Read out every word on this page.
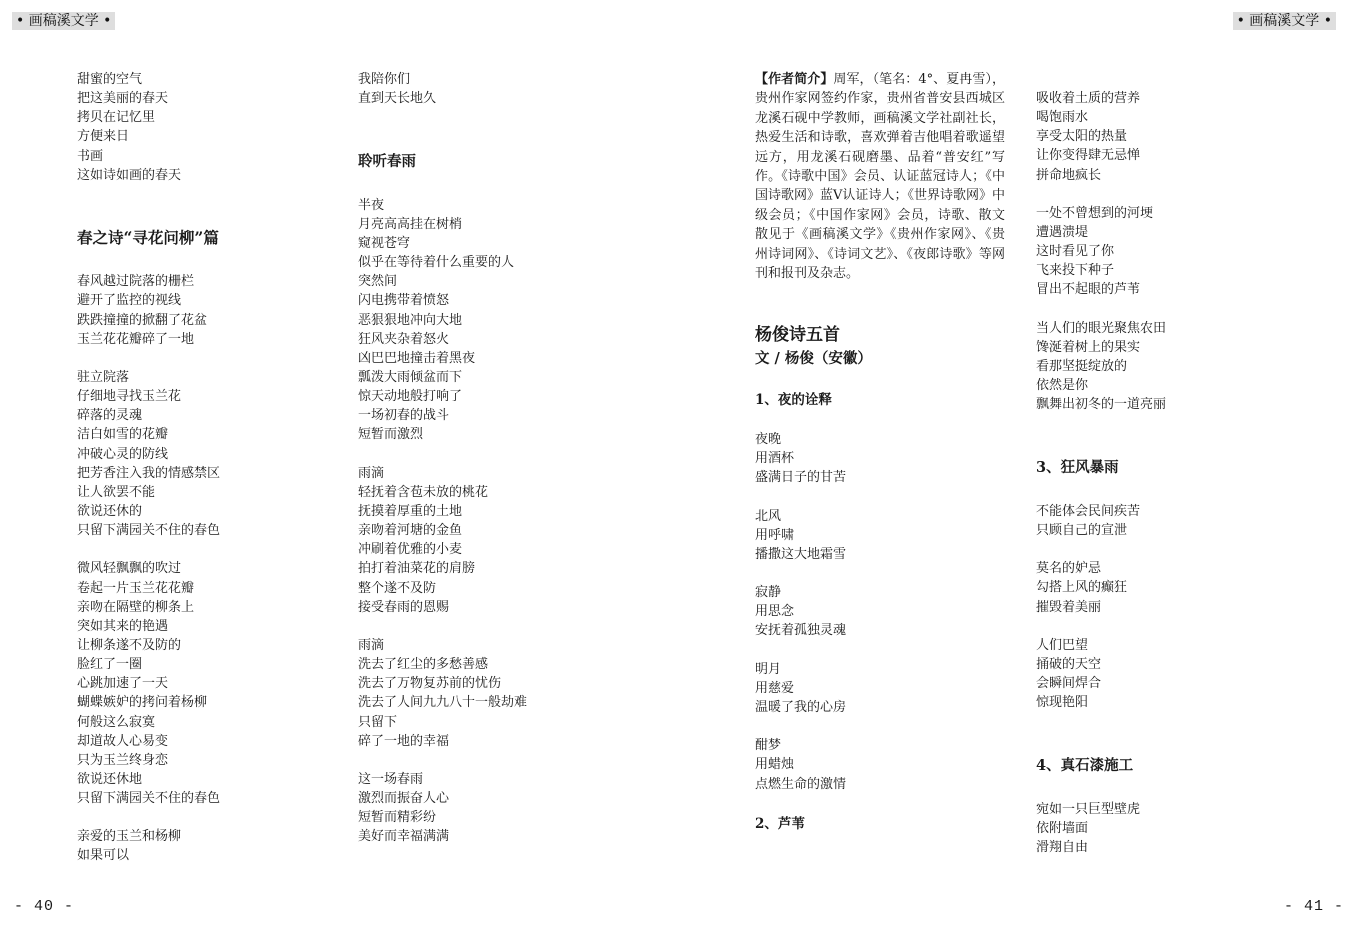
• 画稿溪文学 •	• 画稿溪文学 •
甜蜜的空气
把这美丽的春天
拷贝在记忆里
方便来日
书画
这如诗如画的春天
春之诗“寻花问柳”篇
春风越过院落的栅栏
避开了监控的视线
跌跌撞撞的掀翻了花盆
玉兰花花瓣碎了一地
驻立院落
仔细地寻找玉兰花
碎落的灵魂
洁白如雪的花瓣
冲破心灵的防线
把芳香注入我的情感禁区
让人欲罢不能
欲说还休的
只留下满园关不住的春色
微风轻飘飘的吹过
卷起一片玉兰花花瓣
亲吻在隔壁的柳条上
突如其来的艳遇
让柳条遂不及防的
脸红了一圈
心跳加速了一天
蝴蝶嫉妒的拷问着杨柳
何般这么寂寞
却道故人心易变
只为玉兰终身恋
欲说还休地
只留下满园关不住的春色
亲爱的玉兰和杨柳
如果可以
我陪你们
直到天长地久
聆听春雨
半夜
月亮高高挂在树梢
窥视苍穹
似乎在等待着什么重要的人
突然间
闪电携带着愤怒
恶狠狠地冲向大地
狂风夹杂着怒火
凶巴巴地撞击着黑夜
瓢泼大雨倾盆而下
惊天动地般打响了
一场初春的战斗
短暂而激烈
雨滴
轻抚着含苞未放的桃花
抚摸着厚重的土地
亲吻着河塘的金鱼
冲刷着优雅的小麦
拍打着油菜花的肩膀
整个遂不及防
接受春雨的恩赐
雨滴
洗去了红尘的多愁善感
洗去了万物复苏前的忧伤
洗去了人间九九八十一般劫难
只留下
碎了一地的幸福
这一场春雨
激烈而振奋人心
短暂而精彩纷
美好而幸福满满
【作者简介】周军，（笔名：4°、夏冉雪），贵州作家网签约作家，贵州省普安县西城区龙溪石砚中学教师，画稿溪文学社副社长，热爱生活和诗歌，喜欢弹着吉他唱着歌遥望远方，用龙溪石砚磨墨、品着“普安红”写作。《诗歌中国》会员、认证蓝冠诗人；《中国诗歌网》蓝Ⅴ认证诗人；《世界诗歌网》中级会员；《中国作家网》会员，诗歌、散文散见于《画稿溪文学》《贵州作家网》、《贵州诗词网》、《诗词文艺》、《夜郎诗歌》等网刊和报刊及杂志。
杨俊诗五首
文 / 杨俊（安徽）
1、夜的诠释
夜晚
用酒杯
盛满日子的甘苦
北风
用呼啸
播撒这大地霜雪
寂静
用思念
安抚着孤独灵魂
明月
用慈爱
温暖了我的心房
酣梦
用蜡烛
点燃生命的激情
2、芦苇
吸收着土质的营养
喝饱雨水
享受太阳的热量
让你变得肆无忌惮
拼命地疯长
一处不曾想到的河埂
遭遇溃堤
这时看见了你
飞来投下种子
冒出不起眼的芦苇
当人们的眼光聚焦农田
馋涎着树上的果实
看那坚挺绽放的
依然是你
飘舞出初冬的一道亮丽
3、狂风暴雨
不能体会民间疾苦
只顾自己的宣泄
莫名的妒忌
勾搭上风的癫狂
摧毁着美丽
人们巴望
捅破的天空
会瞬间焊合
惊现艳阳
4、真石漆施工
宛如一只巨型壁虎
依附墙面
滑翔自由
- 40 -	- 41 -
